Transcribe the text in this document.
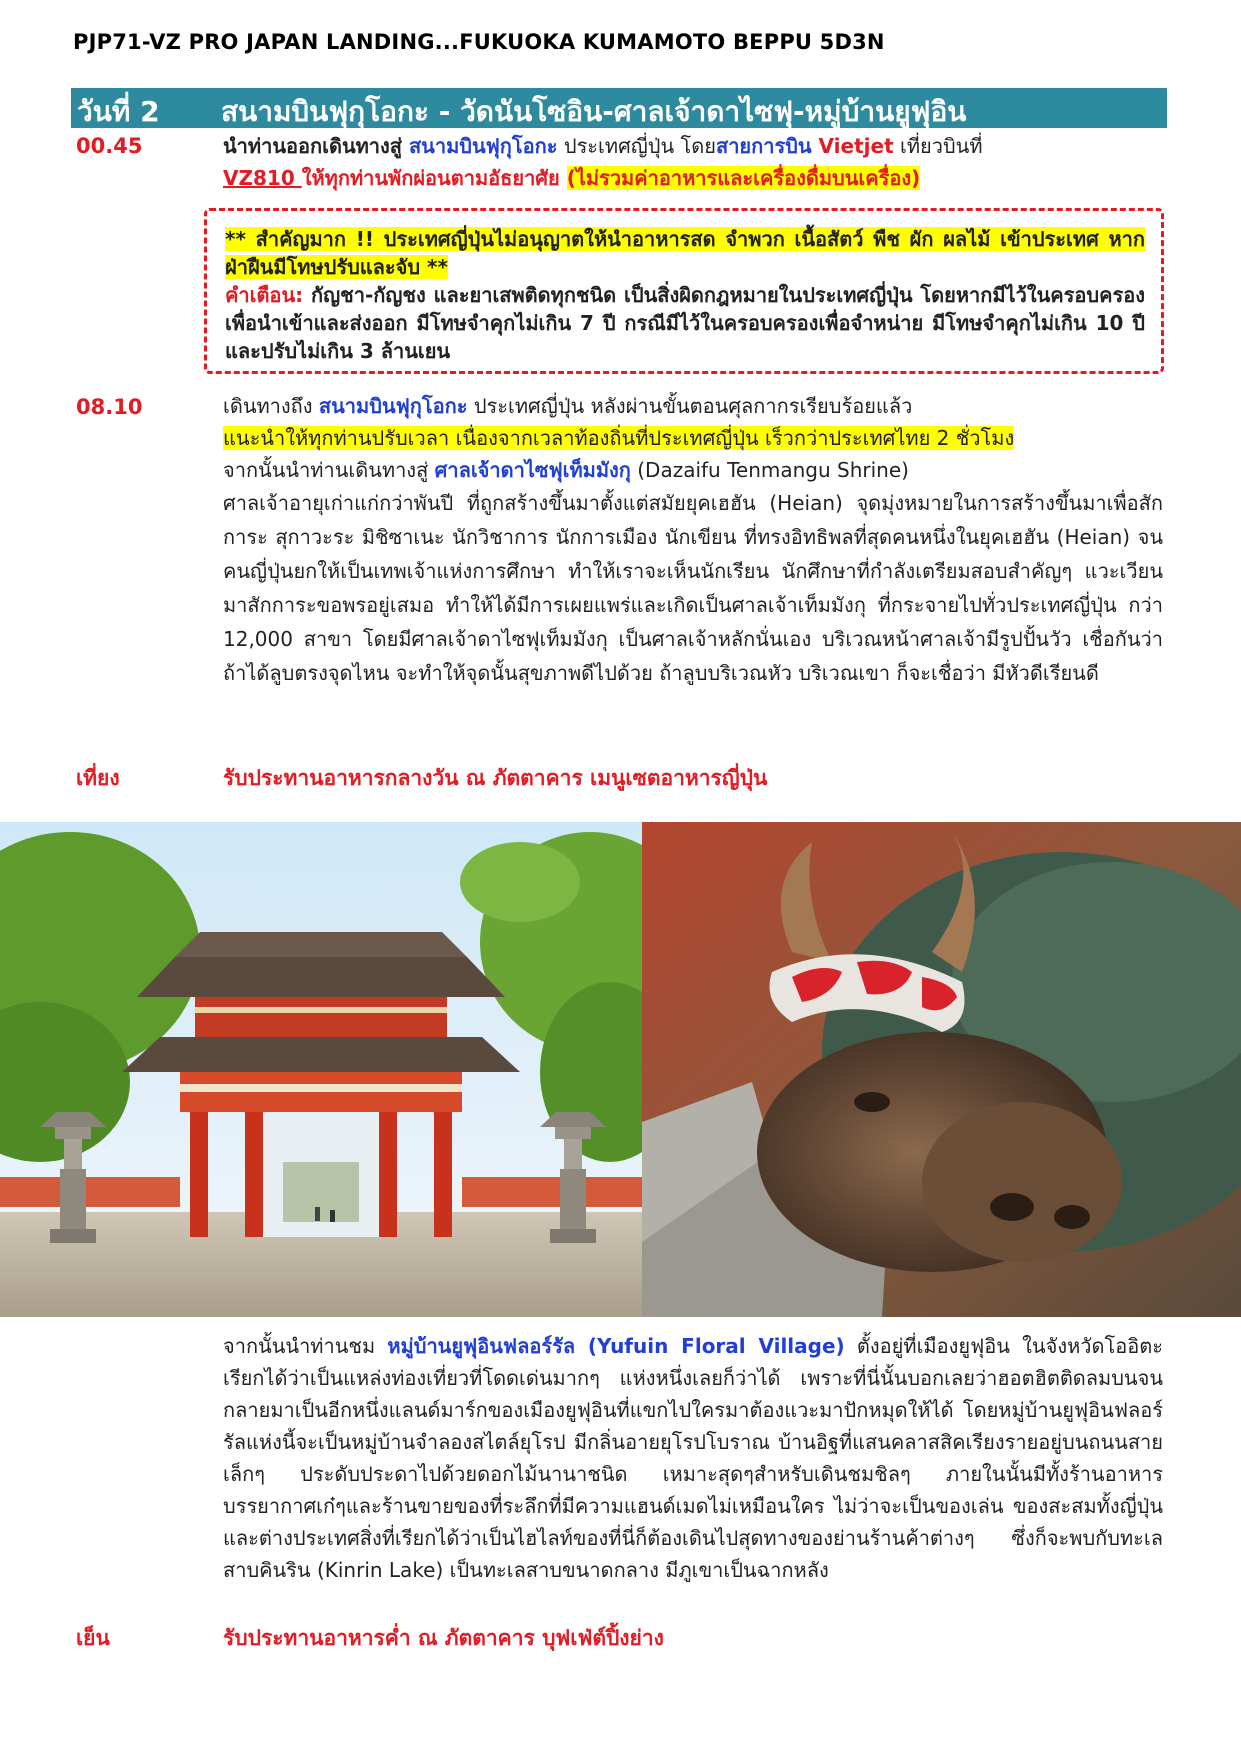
PJP71-VZ PRO JAPAN LANDING...FUKUOKA KUMAMOTO BEPPU 5D3N
วันที่ 2 สนามบินฟุกุโอกะ - วัดนันโซอิน-ศาลเจ้าดาไซฟุ-หมู่บ้านยูฟุอิน
00.45	นำท่านออกเดินทางสู่ สนามบินฟุกุโอกะ ประเทศญี่ปุ่น โดยสายการบิน Vietjet เที่ยวบินที่
VZ810 ให้ทุกท่านพักผ่อนตามอัธยาศัย (ไม่รวมค่าอาหารและเครื่องดื่มบนเครื่อง)

** สำคัญมาก !! ประเทศญี่ปุ่นไม่อนุญาตให้นำอาหารสด จำพวก เนื้อสัตว์ พืช ผัก ผลไม้ เข้าประเทศ หากฝ่าฝืนมีโทษปรับและจับ **

คำเตือน: กัญชา-กัญชง และยาเสพติดทุกชนิด เป็นสิ่งผิดกฎหมายในประเทศญี่ปุ่น โดยหากมีไว้ในครอบครองเพื่อนำเข้าและส่งออก มีโทษจำคุกไม่เกิน 7 ปี กรณีมีไว้ในครอบครองเพื่อจำหน่าย มีโทษจำคุกไม่เกิน 10 ปี และปรับไม่เกิน 3 ล้านเยน

08.10	เดินทางถึง สนามบินฟุกุโอกะ ประเทศญี่ปุ่น หลังผ่านขั้นตอนศุลกากรเรียบร้อยแล้ว

แนะนำให้ทุกท่านปรับเวลา เนื่องจากเวลาท้องถิ่นที่ประเทศญี่ปุ่น เร็วกว่าประเทศไทย 2 ชั่วโมง

จากนั้นนำท่านเดินทางสู่ ศาลเจ้าดาไซฟุเท็มมังกุ (Dazaifu Tenmangu Shrine)

ศาลเจ้าอายุเก่าแก่กว่าพันปี ที่ถูกสร้างขึ้นมาตั้งแต่สมัยยุคเฮฮัน (Heian) จุดมุ่งหมายในการสร้างขึ้นมาเพื่อสักการะ สุกาวะระ มิชิซาเนะ นักวิชาการ นักการเมือง นักเขียน ที่ทรงอิทธิพลที่สุดคนหนึ่งในยุคเฮฮัน (Heian) จนคนญี่ปุ่นยกให้เป็นเทพเจ้าแห่งการศึกษา ทำให้เราจะเห็นนักเรียน นักศึกษาที่กำลังเตรียมสอบสำคัญๆ แวะเวียนมาสักการะขอพรอยู่เสมอ ทำให้ได้มีการเผยแพร่และเกิดเป็นศาลเจ้าเท็มมังกุ ที่กระจายไปทั่วประเทศญี่ปุ่น กว่า 12,000 สาขา โดยมีศาลเจ้าดาไซฟุเท็มมังกุ เป็นศาลเจ้าหลักนั่นเอง บริเวณหน้าศาลเจ้ามีรูปปั้นวัว เชื่อกันว่าถ้าได้ลูบตรงจุดไหน จะทำให้จุดนั้นสุขภาพดีไปด้วย ถ้าลูบบริเวณหัว บริเวณเขา ก็จะเชื่อว่า มีหัวดีเรียนดี

เที่ยง	รับประทานอาหารกลางวัน ณ ภัตตาคาร เมนูเซตอาหารญี่ปุ่น

จากนั้นนำท่านชม หมู่บ้านยูฟุอินฟลอร์รัล (Yufuin Floral Village) ตั้งอยู่ที่เมืองยูฟุอิน ในจังหวัดโออิตะ เรียกได้ว่าเป็นแหล่งท่องเที่ยวที่โดดเด่นมากๆ แห่งหนึ่งเลยก็ว่าได้ เพราะที่นี่นั้นบอกเลยว่าฮอตฮิตติดลมบนจนกลายมาเป็นอีกหนึ่งแลนด์มาร์กของเมืองยูฟุอินที่แขกไปใครมาต้องแวะมาปักหมุดให้ได้ โดยหมู่บ้านยูฟุอินฟลอร์รัลแห่งนี้จะเป็นหมู่บ้านจำลองสไตล์ยุโรป มีกลิ่นอายยุโรปโบราณ บ้านอิฐที่แสนคลาสสิคเรียงรายอยู่บนถนนสายเล็กๆ ประดับประดาไปด้วยดอกไม้นานาชนิด เหมาะสุดๆสำหรับเดินชมชิลๆ ภายในนั้นมีทั้งร้านอาหารบรรยากาศเก๋ๆและร้านขายของที่ระลึกที่มีความแฮนด์เมดไม่เหมือนใคร ไม่ว่าจะเป็นของเล่น ของสะสมทั้งญี่ปุ่นและต่างประเทศสิ่งที่เรียกได้ว่าเป็นไฮไลท์ของที่นี่ก็ต้องเดินไปสุดทางของย่านร้านค้าต่างๆ ซึ่งก็จะพบกับทะเลสาบคินริน (Kinrin Lake) เป็นทะเลสาบขนาดกลาง มีภูเขาเป็นฉากหลัง

เย็น	รับประทานอาหารค่ำ ณ ภัตตาคาร บุฟเฟ่ต์ปิ้งย่าง
